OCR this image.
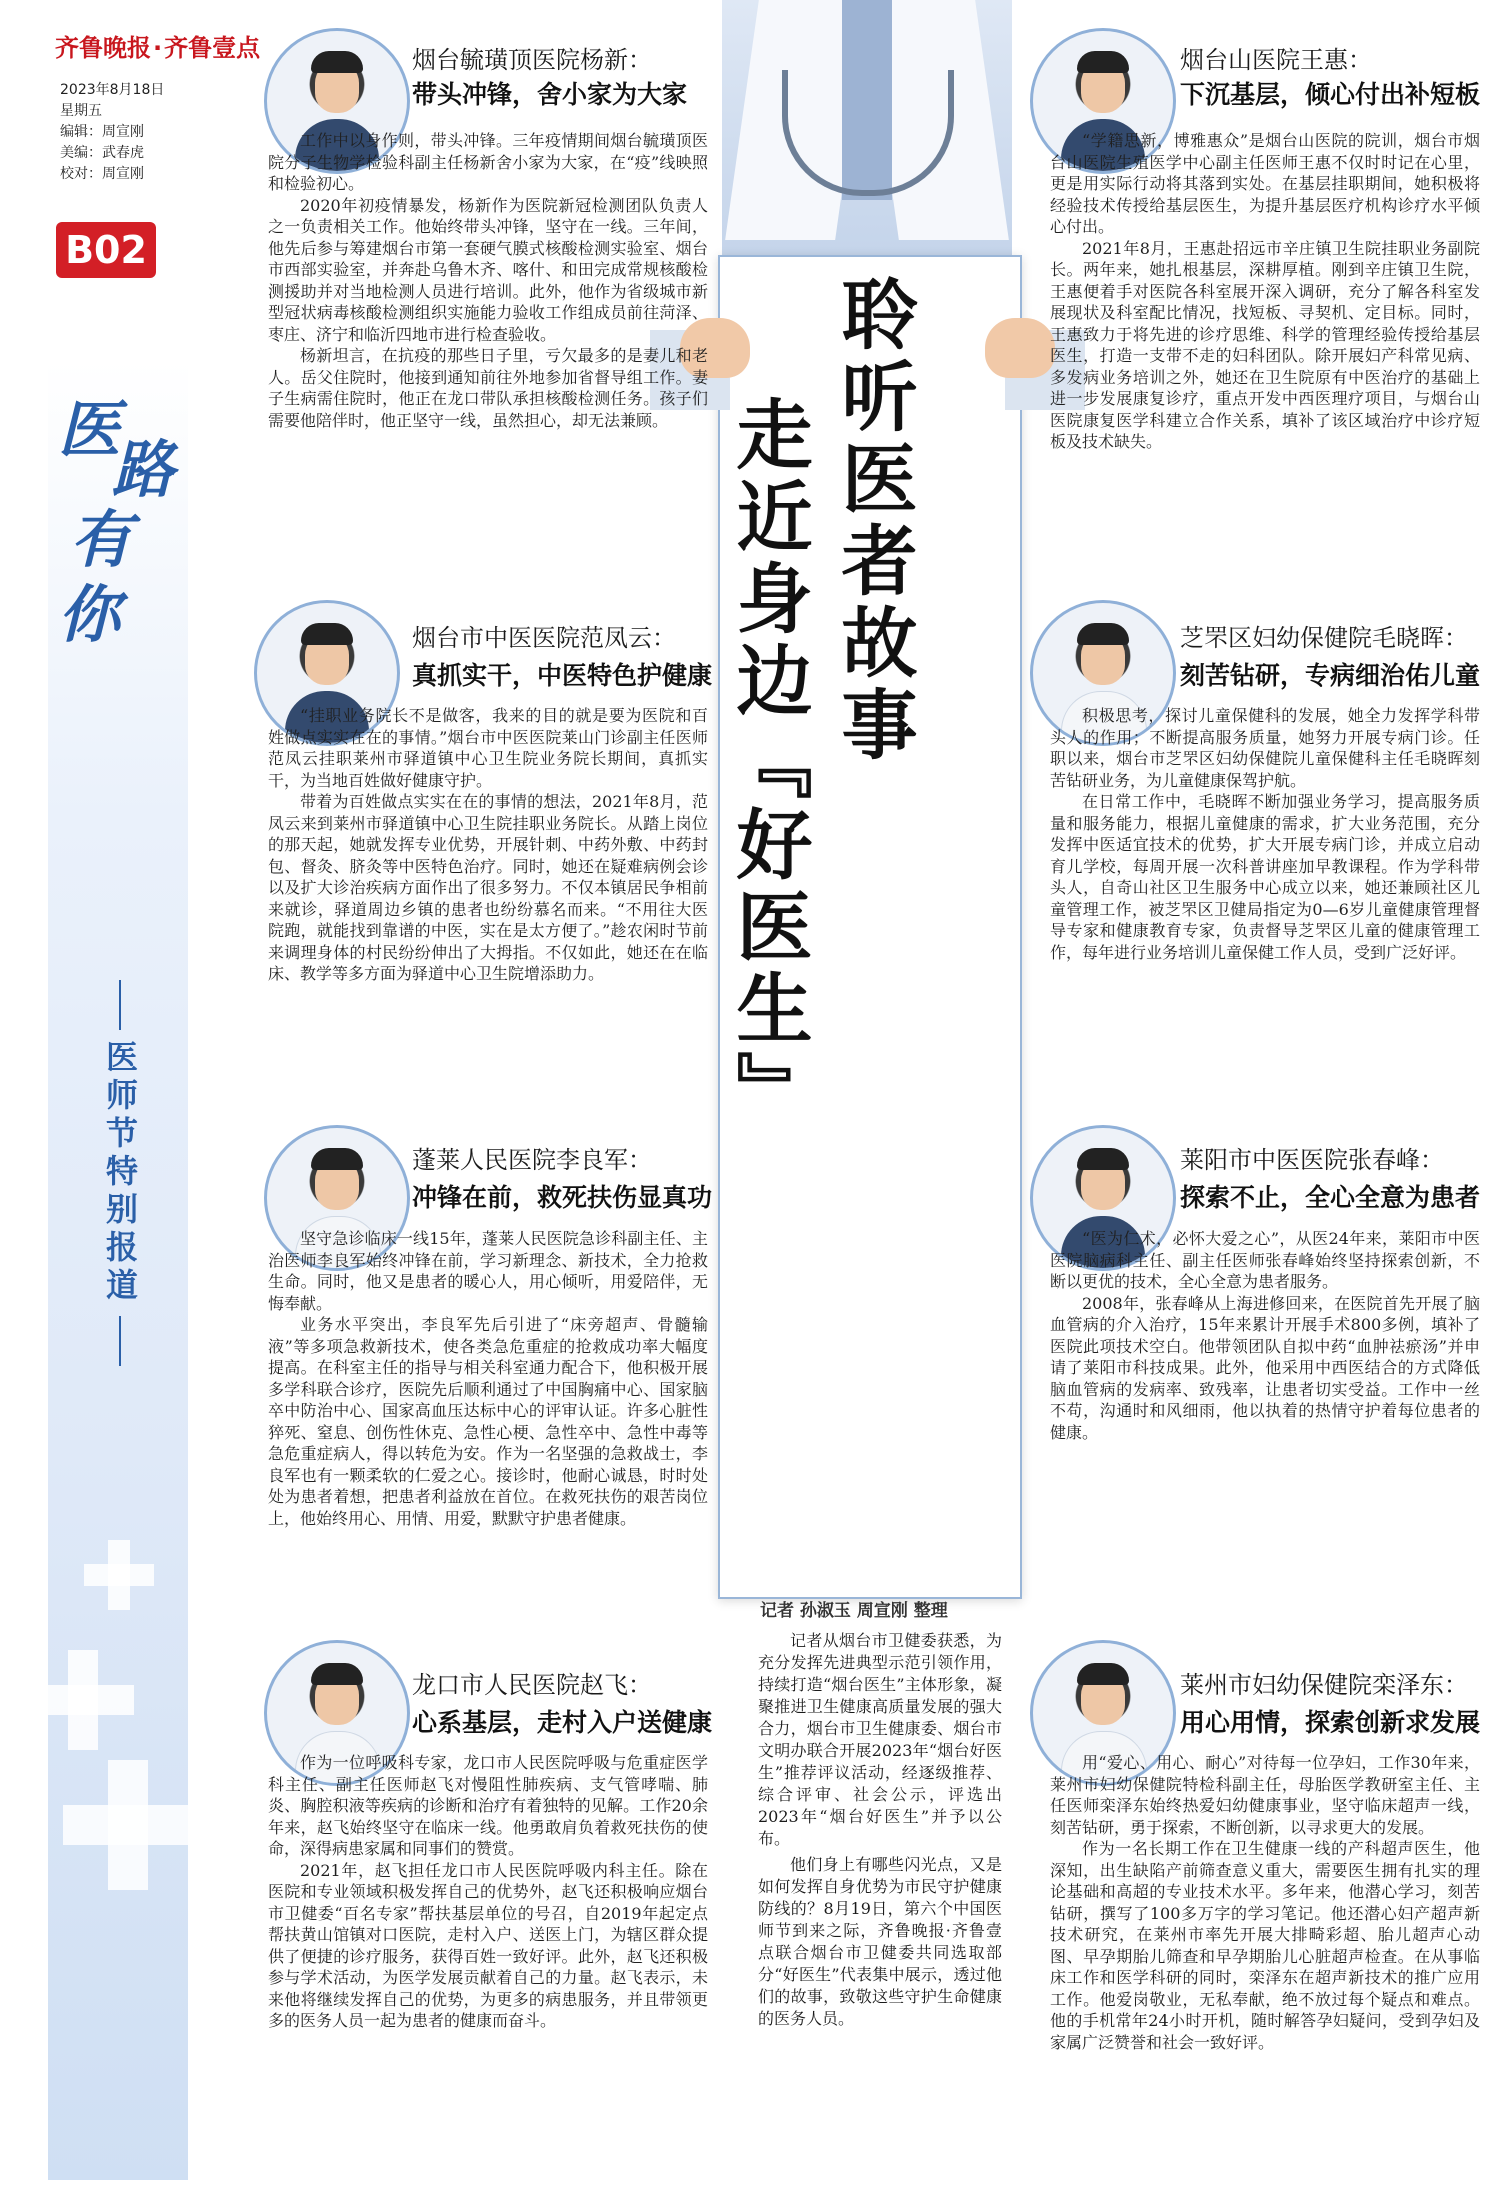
齐鲁晚报·齐鲁壹点
2023年8月18日
星期五
编辑：周宣刚
美编：武春虎
校对：周宣刚
B02
医
路
有
你
医师节特别报道
聆听医者故事
走近身边『好医生』
记者 孙淑玉 周宣刚 整理

记者从烟台市卫健委获悉，为充分发挥先进典型示范引领作用，持续打造“烟台医生”主体形象，凝聚推进卫生健康高质量发展的强大合力，烟台市卫生健康委、烟台市文明办联合开展2023年“烟台好医生”推荐评议活动，经逐级推荐、综合评审、社会公示，评选出2023年“烟台好医生”并予以公布。

他们身上有哪些闪光点，又是如何发挥自身优势为市民守护健康防线的？8月19日，第六个中国医师节到来之际，齐鲁晚报·齐鲁壹点联合烟台市卫健委共同选取部分“好医生”代表集中展示，透过他们的故事，致敬这些守护生命健康的医务人员。

烟台毓璜顶医院杨新：
带头冲锋，舍小家为大家

工作中以身作则，带头冲锋。三年疫情期间烟台毓璜顶医院分子生物学检验科副主任杨新舍小家为大家，在“疫”线映照和检验初心。

2020年初疫情暴发，杨新作为医院新冠检测团队负责人之一负责相关工作。他始终带头冲锋，坚守在一线。三年间，他先后参与筹建烟台市第一套硬气膜式核酸检测实验室、烟台市西部实验室，并奔赴乌鲁木齐、喀什、和田完成常规核酸检测援助并对当地检测人员进行培训。此外，他作为省级城市新型冠状病毒核酸检测组织实施能力验收工作组成员前往菏泽、枣庄、济宁和临沂四地市进行检查验收。

杨新坦言，在抗疫的那些日子里，亏欠最多的是妻儿和老人。岳父住院时，他接到通知前往外地参加省督导组工作。妻子生病需住院时，他正在龙口带队承担核酸检测任务。孩子们需要他陪伴时，他正坚守一线，虽然担心，却无法兼顾。

烟台山医院王惠：
下沉基层，倾心付出补短板

“学籍思新，博雅惠众”是烟台山医院的院训，烟台市烟台山医院生殖医学中心副主任医师王惠不仅时时记在心里，更是用实际行动将其落到实处。在基层挂职期间，她积极将经验技术传授给基层医生，为提升基层医疗机构诊疗水平倾心付出。

2021年8月，王惠赴招远市辛庄镇卫生院挂职业务副院长。两年来，她扎根基层，深耕厚植。刚到辛庄镇卫生院，王惠便着手对医院各科室展开深入调研，充分了解各科室发展现状及科室配比情况，找短板、寻契机、定目标。同时，王惠致力于将先进的诊疗思维、科学的管理经验传授给基层医生，打造一支带不走的妇科团队。除开展妇产科常见病、多发病业务培训之外，她还在卫生院原有中医治疗的基础上进一步发展康复诊疗，重点开发中西医理疗项目，与烟台山医院康复医学科建立合作关系，填补了该区域治疗中诊疗短板及技术缺失。

烟台市中医医院范凤云：
真抓实干，中医特色护健康

“挂职业务院长不是做客，我来的目的就是要为医院和百姓做点实实在在的事情。”烟台市中医医院莱山门诊副主任医师范凤云挂职莱州市驿道镇中心卫生院业务院长期间，真抓实干，为当地百姓做好健康守护。

带着为百姓做点实实在在的事情的想法，2021年8月，范凤云来到莱州市驿道镇中心卫生院挂职业务院长。从踏上岗位的那天起，她就发挥专业优势，开展针刺、中药外敷、中药封包、督灸、脐灸等中医特色治疗。同时，她还在疑难病例会诊以及扩大诊治疾病方面作出了很多努力。不仅本镇居民争相前来就诊，驿道周边乡镇的患者也纷纷慕名而来。“不用往大医院跑，就能找到靠谱的中医，实在是太方便了。”趁农闲时节前来调理身体的村民纷纷伸出了大拇指。不仅如此，她还在在临床、教学等多方面为驿道中心卫生院增添助力。

芝罘区妇幼保健院毛晓晖：
刻苦钻研，专病细治佑儿童

积极思考，探讨儿童保健科的发展，她全力发挥学科带头人的作用；不断提高服务质量，她努力开展专病门诊。任职以来，烟台市芝罘区妇幼保健院儿童保健科主任毛晓晖刻苦钻研业务，为儿童健康保驾护航。

在日常工作中，毛晓晖不断加强业务学习，提高服务质量和服务能力，根据儿童健康的需求，扩大业务范围，充分发挥中医适宜技术的优势，扩大开展专病门诊，并成立启动育儿学校，每周开展一次科普讲座加早教课程。作为学科带头人，自奇山社区卫生服务中心成立以来，她还兼顾社区儿童管理工作，被芝罘区卫健局指定为0—6岁儿童健康管理督导专家和健康教育专家，负责督导芝罘区儿童的健康管理工作，每年进行业务培训儿童保健工作人员，受到广泛好评。

蓬莱人民医院李良军：
冲锋在前，救死扶伤显真功

坚守急诊临床一线15年，蓬莱人民医院急诊科副主任、主治医师李良军始终冲锋在前，学习新理念、新技术，全力抢救生命。同时，他又是患者的暖心人，用心倾听，用爱陪伴，无悔奉献。

业务水平突出，李良军先后引进了“床旁超声、骨髓输液”等多项急救新技术，使各类急危重症的抢救成功率大幅度提高。在科室主任的指导与相关科室通力配合下，他积极开展多学科联合诊疗，医院先后顺利通过了中国胸痛中心、国家脑卒中防治中心、国家高血压达标中心的评审认证。许多心脏性猝死、窒息、创伤性休克、急性心梗、急性卒中、急性中毒等急危重症病人，得以转危为安。作为一名坚强的急救战士，李良军也有一颗柔软的仁爱之心。接诊时，他耐心诚恳，时时处处为患者着想，把患者利益放在首位。在救死扶伤的艰苦岗位上，他始终用心、用情、用爱，默默守护患者健康。

莱阳市中医医院张春峰：
探索不止，全心全意为患者

“医为仁术，必怀大爱之心”，从医24年来，莱阳市中医医院脑病科主任、副主任医师张春峰始终坚持探索创新，不断以更优的技术，全心全意为患者服务。

2008年，张春峰从上海进修回来，在医院首先开展了脑血管病的介入治疗，15年来累计开展手术800多例，填补了医院此项技术空白。他带领团队自拟中药“血肿祛瘀汤”并申请了莱阳市科技成果。此外，他采用中西医结合的方式降低脑血管病的发病率、致残率，让患者切实受益。工作中一丝不苟，沟通时和风细雨，他以执着的热情守护着每位患者的健康。

龙口市人民医院赵飞：
心系基层，走村入户送健康

作为一位呼吸科专家，龙口市人民医院呼吸与危重症医学科主任、副主任医师赵飞对慢阻性肺疾病、支气管哮喘、肺炎、胸腔积液等疾病的诊断和治疗有着独特的见解。工作20余年来，赵飞始终坚守在临床一线。他勇敢肩负着救死扶伤的使命，深得病患家属和同事们的赞赏。

2021年，赵飞担任龙口市人民医院呼吸内科主任。除在医院和专业领域积极发挥自己的优势外，赵飞还积极响应烟台市卫健委“百名专家”帮扶基层单位的号召，自2019年起定点帮扶黄山馆镇对口医院，走村入户、送医上门，为辖区群众提供了便捷的诊疗服务，获得百姓一致好评。此外，赵飞还积极参与学术活动，为医学发展贡献着自己的力量。赵飞表示，未来他将继续发挥自己的优势，为更多的病患服务，并且带领更多的医务人员一起为患者的健康而奋斗。

莱州市妇幼保健院栾泽东：
用心用情，探索创新求发展

用“爱心、用心、耐心”对待每一位孕妇，工作30年来，莱州市妇幼保健院特检科副主任，母胎医学教研室主任、主任医师栾泽东始终热爱妇幼健康事业，坚守临床超声一线，刻苦钻研，勇于探索，不断创新，以寻求更大的发展。

作为一名长期工作在卫生健康一线的产科超声医生，他深知，出生缺陷产前筛查意义重大，需要医生拥有扎实的理论基础和高超的专业技术水平。多年来，他潜心学习，刻苦钻研，撰写了100多万字的学习笔记。他还潜心妇产超声新技术研究，在莱州市率先开展大排畸彩超、胎儿超声心动图、早孕期胎儿筛查和早孕期胎儿心脏超声检查。在从事临床工作和医学科研的同时，栾泽东在超声新技术的推广应用工作。他爱岗敬业，无私奉献，绝不放过每个疑点和难点。他的手机常年24小时开机，随时解答孕妇疑问，受到孕妇及家属广泛赞誉和社会一致好评。
